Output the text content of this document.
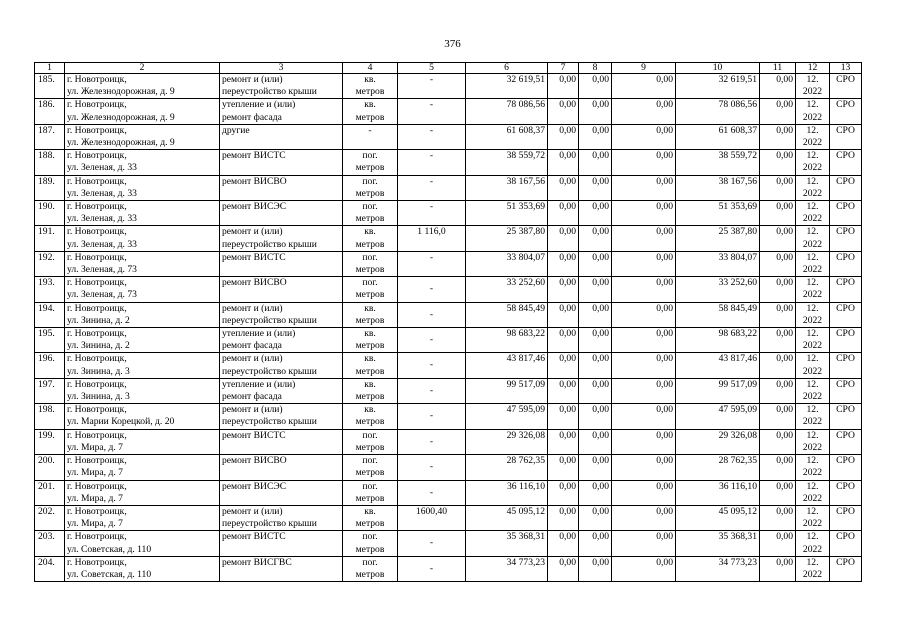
376
1	2	3	4	5	6	7	8	9	10	11	12	13

185.	г. Новотроицк,
ул. Железнодорожная, д. 9	ремонт и (или)
переустройство крыши	кв.
метров	-	32 619,51	0,00	0,00	0,00	32 619,51	0,00	12.
2022	СРО

186.	г. Новотроицк,
ул. Железнодорожная, д. 9	утепление и (или)
ремонт фасада	кв.
метров	-	78 086,56	0,00	0,00	0,00	78 086,56	0,00	12.
2022	СРО

187.	г. Новотроицк,
ул. Железнодорожная, д. 9	другие	-	-	61 608,37	0,00	0,00	0,00	61 608,37	0,00	12.
2022	СРО

188.	г. Новотроицк,
ул. Зеленая, д. 33	ремонт ВИСТС	пог.
метров	-	38 559,72	0,00	0,00	0,00	38 559,72	0,00	12.
2022	СРО

189.	г. Новотроицк,
ул. Зеленая, д. 33	ремонт ВИСВО	пог.
метров	-	38 167,56	0,00	0,00	0,00	38 167,56	0,00	12.
2022	СРО

190.	г. Новотроицк,
ул. Зеленая, д. 33	ремонт ВИСЭС	пог.
метров	-	51 353,69	0,00	0,00	0,00	51 353,69	0,00	12.
2022	СРО

191.	г. Новотроицк,
ул. Зеленая, д. 33	ремонт и (или)
переустройство крыши	кв.
метров	1 116,0	25 387,80	0,00	0,00	0,00	25 387,80	0,00	12.
2022	СРО

192.	г. Новотроицк,
ул. Зеленая, д. 73	ремонт ВИСТС	пог.
метров	-	33 804,07	0,00	0,00	0,00	33 804,07	0,00	12.
2022	СРО

193.	г. Новотроицк,
ул. Зеленая, д. 73	ремонт ВИСВО	пог.
метров	-	33 252,60	0,00	0,00	0,00	33 252,60	0,00	12.
2022	СРО

194.	г. Новотроицк,
ул. Зинина, д. 2	ремонт и (или)
переустройство крыши	кв.
метров	-	58 845,49	0,00	0,00	0,00	58 845,49	0,00	12.
2022	СРО

195.	г. Новотроицк,
ул. Зинина, д. 2	утепление и (или)
ремонт фасада	кв.
метров	-	98 683,22	0,00	0,00	0,00	98 683,22	0,00	12.
2022	СРО

196.	г. Новотроицк,
ул. Зинина, д. 3	ремонт и (или)
переустройство крыши	кв.
метров	-	43 817,46	0,00	0,00	0,00	43 817,46	0,00	12.
2022	СРО

197.	г. Новотроицк,
ул. Зинина, д. 3	утепление и (или)
ремонт фасада	кв.
метров	-	99 517,09	0,00	0,00	0,00	99 517,09	0,00	12.
2022	СРО

198.	г. Новотроицк,
ул. Марии Корецкой, д. 20	ремонт и (или)
переустройство крыши	кв.
метров	-	47 595,09	0,00	0,00	0,00	47 595,09	0,00	12.
2022	СРО

199.	г. Новотроицк,
ул. Мира, д. 7	ремонт ВИСТС	пог.
метров	-	29 326,08	0,00	0,00	0,00	29 326,08	0,00	12.
2022	СРО

200.	г. Новотроицк,
ул. Мира, д. 7	ремонт ВИСВО	пог.
метров	-	28 762,35	0,00	0,00	0,00	28 762,35	0,00	12.
2022	СРО

201.	г. Новотроицк,
ул. Мира, д. 7	ремонт ВИСЭС	пог.
метров	-	36 116,10	0,00	0,00	0,00	36 116,10	0,00	12.
2022	СРО

202.	г. Новотроицк,
ул. Мира, д. 7	ремонт и (или)
переустройство крыши	кв.
метров	1600,40	45 095,12	0,00	0,00	0,00	45 095,12	0,00	12.
2022	СРО

203.	г. Новотроицк,
ул. Советская, д. 110	ремонт ВИСТС	пог.
метров	-	35 368,31	0,00	0,00	0,00	35 368,31	0,00	12.
2022	СРО

204.	г. Новотроицк,
ул. Советская, д. 110	ремонт ВИСГВС	пог.
метров	-	34 773,23	0,00	0,00	0,00	34 773,23	0,00	12.
2022	СРО
